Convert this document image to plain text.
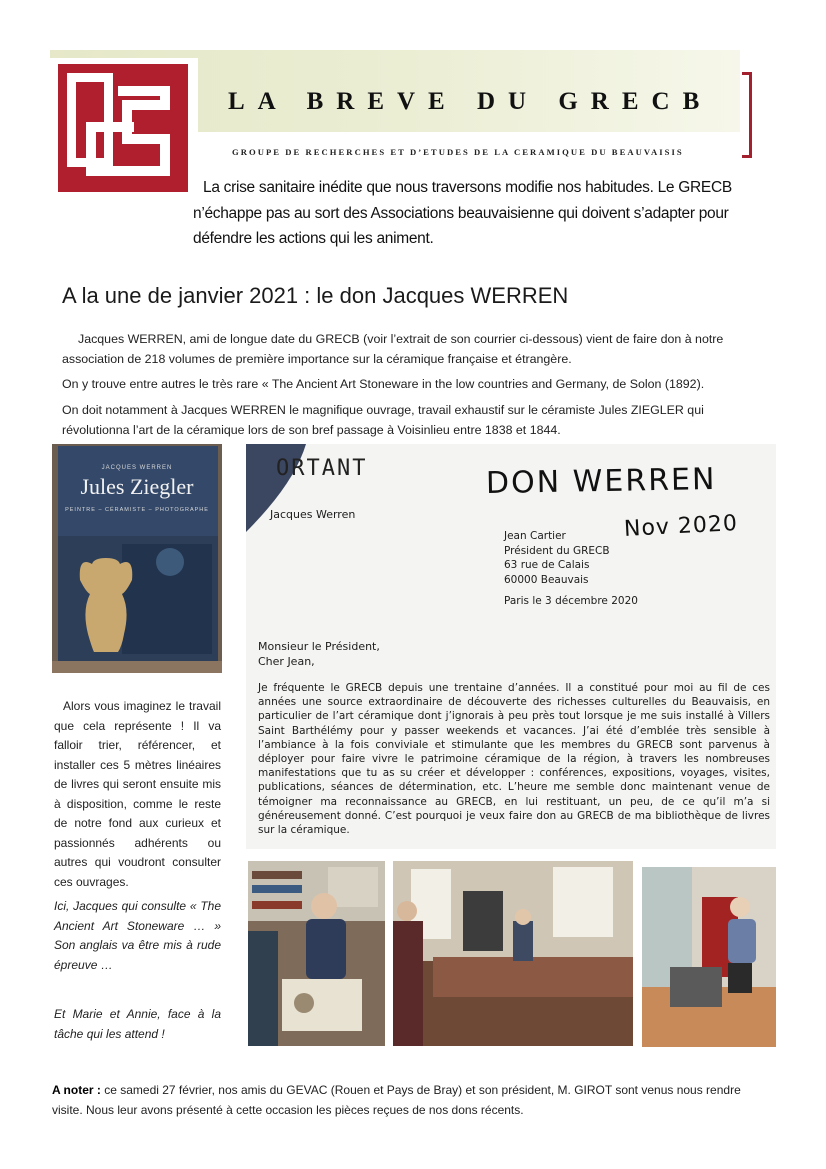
LA BREVE DU GRECB
GROUPE DE RECHERCHES ET D’ETUDES DE LA CERAMIQUE DU BEAUVAISIS
La crise sanitaire inédite que nous traversons modifie nos habitudes. Le GRECB n’échappe pas au sort des Associations beauvaisienne qui doivent s’adapter pour défendre les actions qui les animent.
A la une de janvier 2021 : le don Jacques WERREN
Jacques WERREN, ami de longue date du GRECB (voir l’extrait de son courrier ci-dessous) vient de faire don à notre association de 218 volumes de première importance sur la céramique française et étrangère.
On y trouve entre autres le très rare « The Ancient Art Stoneware in the low countries and Germany, de Solon (1892).
On doit notamment à Jacques WERREN le magnifique ouvrage, travail exhaustif sur le céramiste Jules ZIEGLER qui révolutionna l’art de la céramique lors de son bref passage à Voisinlieu entre 1838 et 1844.
JACQUES WERREN
Jules Ziegler
PEINTRE – CÉRAMISTE – PHOTOGRAPHE
ORTANT	DON WERREN
Nov 2020
Jacques Werren
Jean Cartier
Président du GRECB
63 rue de Calais
60000 Beauvais
Paris le 3 décembre 2020
Monsieur le Président,
Cher Jean,
Je fréquente le GRECB depuis une trentaine d’années. Il a constitué pour moi au fil de ces années une source extraordinaire de découverte des richesses culturelles du Beauvaisis, en particulier de l’art céramique dont j’ignorais à peu près tout lorsque je me suis installé à Villers Saint Barthélémy pour y passer weekends et vacances. J’ai été d’emblée très sensible à l’ambiance à la fois conviviale et stimulante que les membres du GRECB sont parvenus à déployer pour faire vivre le patrimoine céramique de la région, à travers les nombreuses manifestations que tu as su créer et développer : conférences, expositions, voyages, visites, publications, séances de détermination, etc. L’heure me semble donc maintenant venue de témoigner ma reconnaissance au GRECB, en lui restituant, un peu, de ce qu’il m’a si généreusement donné. C’est pourquoi je veux faire don au GRECB de ma bibliothèque de livres sur la céramique.
Alors vous imaginez le travail que cela représente ! Il va falloir trier, référencer, et installer ces 5 mètres linéaires de livres qui seront ensuite mis à disposition, comme le reste de notre fond aux curieux et passionnés adhérents ou autres qui voudront consulter ces ouvrages.
Ici, Jacques qui consulte « The Ancient Art Stoneware … » Son anglais va être mis à rude épreuve …
Et Marie et Annie, face à la tâche qui les attend !
A noter : ce samedi 27 février, nos amis du GEVAC (Rouen et Pays de Bray) et son président, M. GIROT sont venus nous rendre visite. Nous leur avons présenté à cette occasion les pièces reçues de nos dons récents.
